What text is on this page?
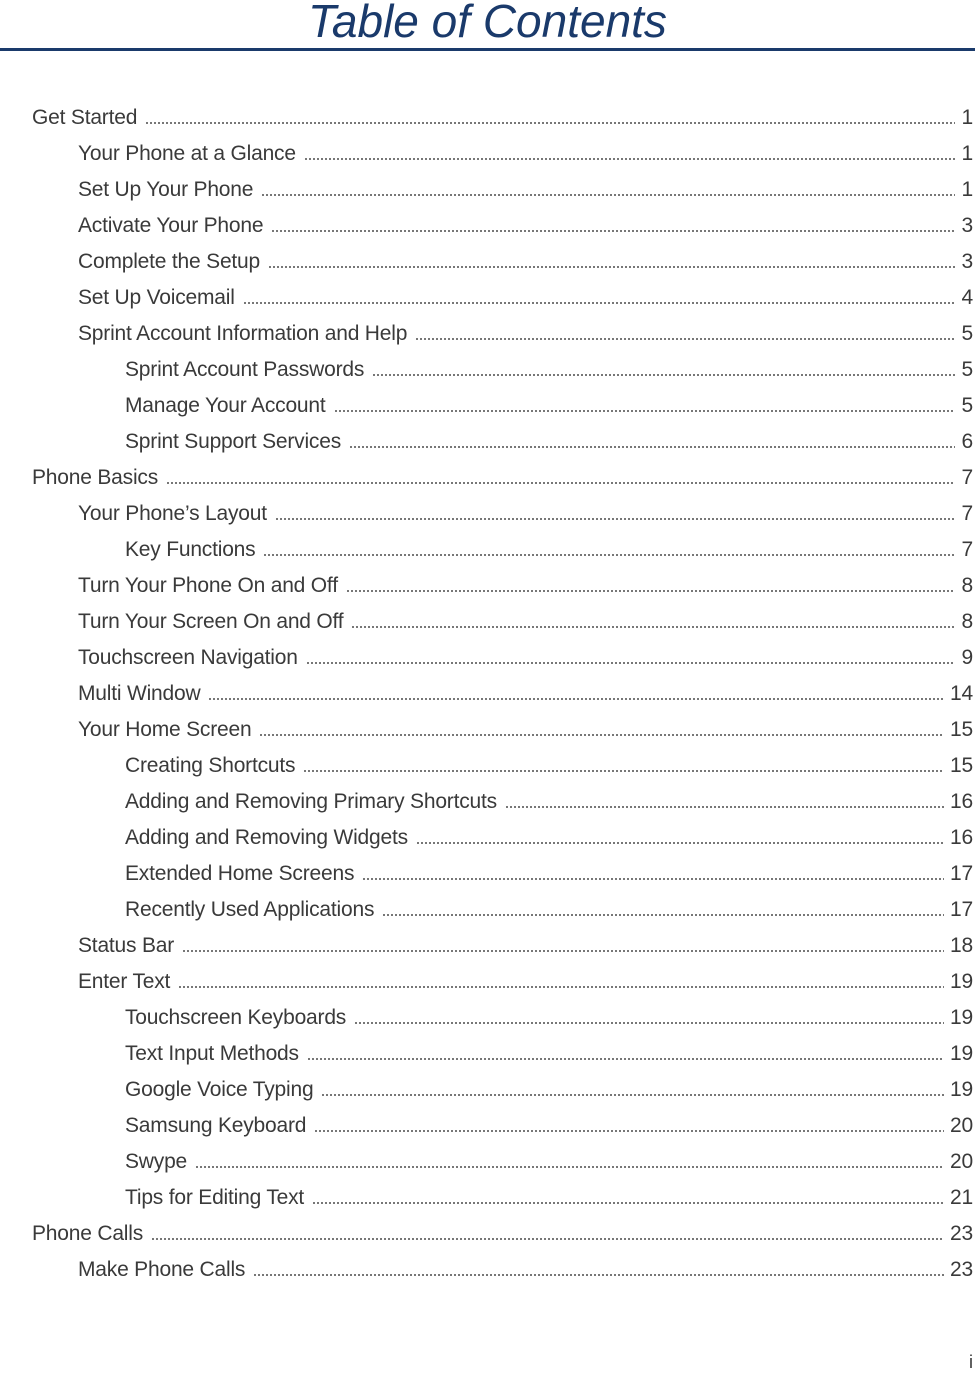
Table of Contents
Get Started	1
Your Phone at a Glance	1
Set Up Your Phone	1
Activate Your Phone	3
Complete the Setup	3
Set Up Voicemail	4
Sprint Account Information and Help	5
Sprint Account Passwords	5
Manage Your Account	5
Sprint Support Services	6
Phone Basics	7
Your Phone’s Layout	7
Key Functions	7
Turn Your Phone On and Off	8
Turn Your Screen On and Off	8
Touchscreen Navigation	9
Multi Window	14
Your Home Screen	15
Creating Shortcuts	15
Adding and Removing Primary Shortcuts	16
Adding and Removing Widgets	16
Extended Home Screens	17
Recently Used Applications	17
Status Bar	18
Enter Text	19
Touchscreen Keyboards	19
Text Input Methods	19
Google Voice Typing	19
Samsung Keyboard	20
Swype	20
Tips for Editing Text	21
Phone Calls	23
Make Phone Calls	23
i
